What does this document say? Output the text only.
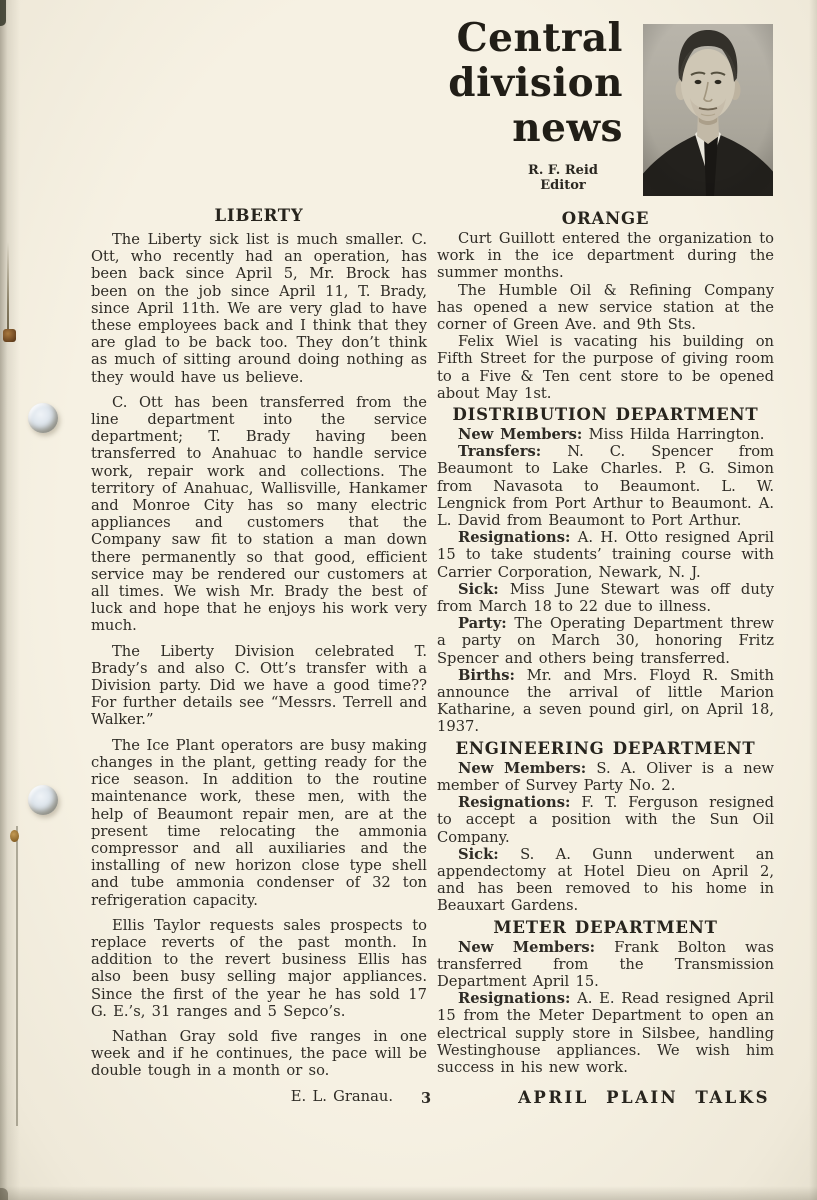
Central
division
news
R. F. Reid
Editor
LIBERTY

The Liberty sick list is much smaller. C. Ott, who recently had an operation, has been back since April 5, Mr. Brock has been on the job since April 11, T. Brady, since April 11th. We are very glad to have these employees back and I think that they are glad to be back too. They don’t think as much of sitting around doing nothing as they would have us believe.

C. Ott has been transferred from the line department into the service department; T. Brady having been transferred to Anahuac to handle service work, repair work and collections. The territory of Anahuac, Wallisville, Hankamer and Monroe City has so many electric appliances and customers that the Company saw fit to station a man down there permanently so that good, efficient service may be rendered our customers at all times. We wish Mr. Brady the best of luck and hope that he enjoys his work very much.

The Liberty Division celebrated T. Brady’s and also C. Ott’s transfer with a Division party. Did we have a good time?? For further details see “Messrs. Terrell and Walker.”

The Ice Plant operators are busy making changes in the plant, getting ready for the rice season. In addition to the routine maintenance work, these men, with the help of Beaumont repair men, are at the present time relocating the ammonia compressor and all auxiliaries and the installing of new horizon close type shell and tube ammonia condenser of 32 ton refrigeration capacity.

Ellis Taylor requests sales prospects to replace reverts of the past month. In addition to the revert business Ellis has also been busy selling major appliances. Since the first of the year he has sold 17 G. E.’s, 31 ranges and 5 Sepco’s.

Nathan Gray sold five ranges in one week and if he continues, the pace will be double tough in a month or so.

E. L. Granau.
ORANGE

Curt Guillott entered the organization to work in the ice department during the summer months.

The Humble Oil & Refining Company has opened a new service station at the corner of Green Ave. and 9th Sts.

Felix Wiel is vacating his building on Fifth Street for the purpose of giving room to a Five & Ten cent store to be opened about May 1st.

DISTRIBUTION DEPARTMENT

New Members: Miss Hilda Harrington.

Transfers: N. C. Spencer from Beaumont to Lake Charles. P. G. Simon from Navasota to Beaumont. L. W. Lengnick from Port Arthur to Beaumont. A. L. David from Beaumont to Port Arthur.

Resignations: A. H. Otto resigned April 15 to take students’ training course with Carrier Corporation, Newark, N. J.

Sick: Miss June Stewart was off duty from March 18 to 22 due to illness.

Party: The Operating Department threw a party on March 30, honoring Fritz Spencer and others being transferred.

Births: Mr. and Mrs. Floyd R. Smith announce the arrival of little Marion Katharine, a seven pound girl, on April 18, 1937.

ENGINEERING DEPARTMENT

New Members: S. A. Oliver is a new member of Survey Party No. 2.

Resignations: F. T. Ferguson resigned to accept a position with the Sun Oil Company.

Sick: S. A. Gunn underwent an appendectomy at Hotel Dieu on April 2, and has been removed to his home in Beauxart Gardens.

METER DEPARTMENT

New Members: Frank Bolton was transferred from the Transmission Department April 15.

Resignations: A. E. Read resigned April 15 from the Meter Department to open an electrical supply store in Silsbee, handling Westinghouse appliances. We wish him success in his new work.

3	APRIL PLAIN TALKS
